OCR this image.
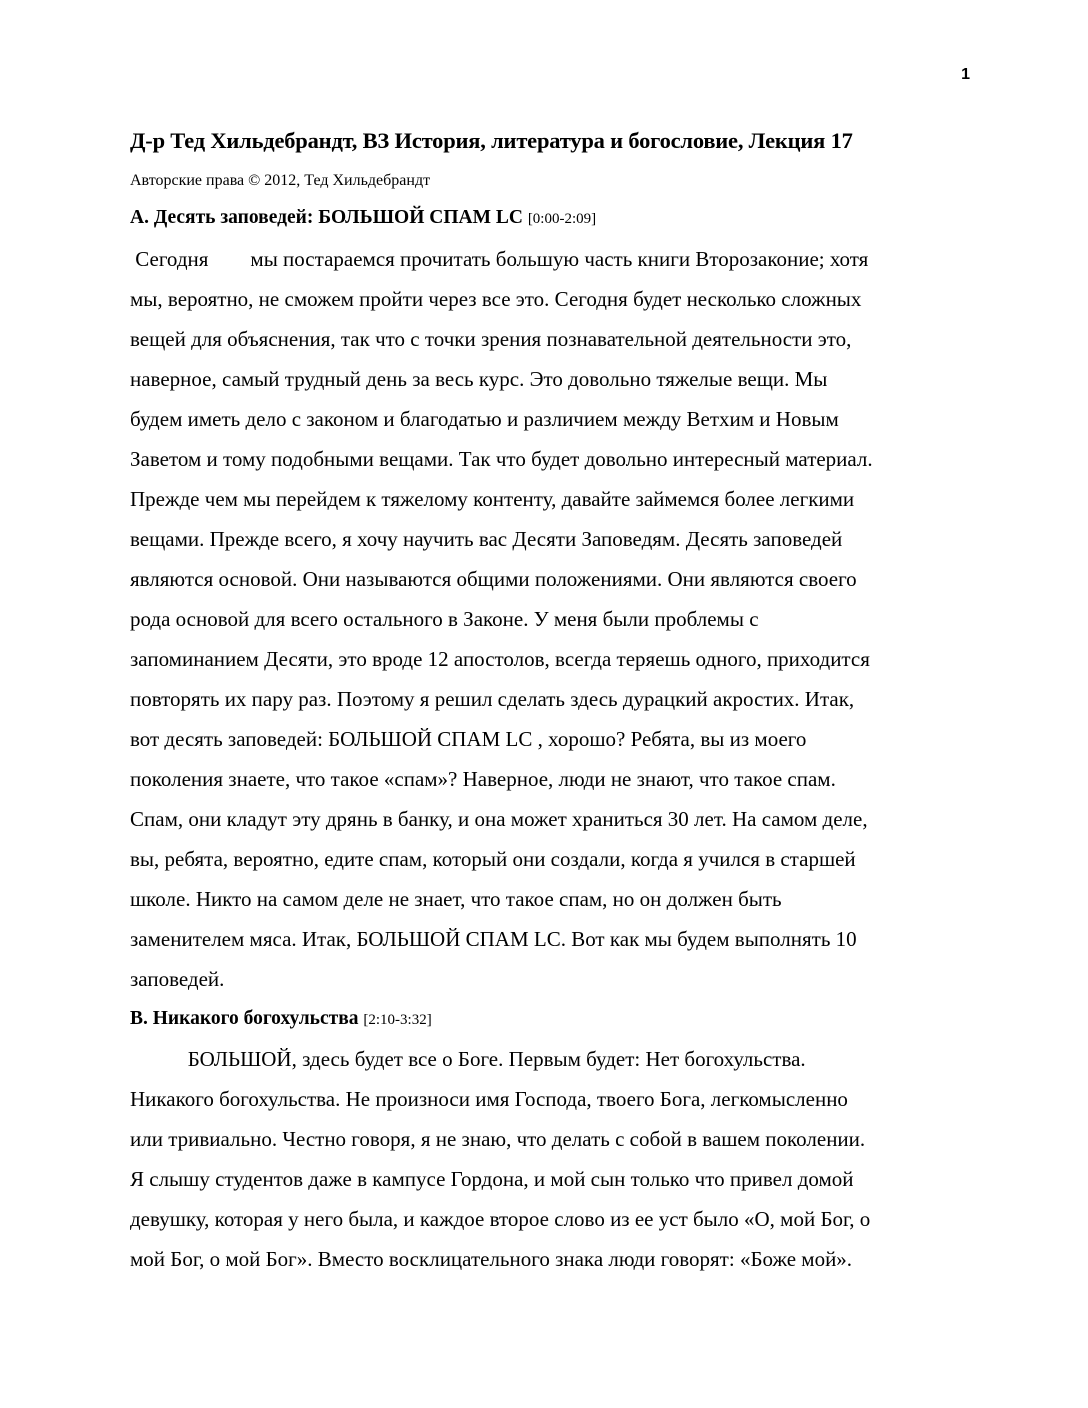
1
Д-р Тед Хильдебрандт, ВЗ История, литература и богословие, Лекция 17
Авторские права © 2012, Тед Хильдебрандт
А. Десять заповедей: БОЛЬШОЙ СПАМ LC [0:00-2:09]
Сегодня        мы постараемся прочитать большую часть книги Второзаконие; хотя
мы, вероятно, не сможем пройти через все это. Сегодня будет несколько сложных
вещей для объяснения, так что с точки зрения познавательной деятельности это,
наверное, самый трудный день за весь курс. Это довольно тяжелые вещи. Мы
будем иметь дело с законом и благодатью и различием между Ветхим и Новым
Заветом и тому подобными вещами. Так что будет довольно интересный материал.
Прежде чем мы перейдем к тяжелому контенту, давайте займемся более легкими
вещами. Прежде всего, я хочу научить вас Десяти Заповедям. Десять заповедей
являются основой. Они называются общими положениями. Они являются своего
рода основой для всего остального в Законе. У меня были проблемы с
запоминанием Десяти, это вроде 12 апостолов, всегда теряешь одного, приходится
повторять их пару раз. Поэтому я решил сделать здесь дурацкий акростих. Итак,
вот десять заповедей: БОЛЬШОЙ СПАМ LC , хорошо? Ребята, вы из моего
поколения знаете, что такое «спам»? Наверное, люди не знают, что такое спам.
Спам, они кладут эту дрянь в банку, и она может храниться 30 лет. На самом деле,
вы, ребята, вероятно, едите спам, который они создали, когда я учился в старшей
школе. Никто на самом деле не знает, что такое спам, но он должен быть
заменителем мяса. Итак, БОЛЬШОЙ СПАМ LC. Вот как мы будем выполнять 10
заповедей.
B. Никакого богохульства [2:10-3:32]
БОЛЬШОЙ, здесь будет все о Боге. Первым будет: Нет богохульства.
Никакого богохульства. Не произноси имя Господа, твоего Бога, легкомысленно
или тривиально. Честно говоря, я не знаю, что делать с собой в вашем поколении.
Я слышу студентов даже в кампусе Гордона, и мой сын только что привел домой
девушку, которая у него была, и каждое второе слово из ее уст было «О, мой Бог, о
мой Бог, о мой Бог». Вместо восклицательного знака люди говорят: «Боже мой».
